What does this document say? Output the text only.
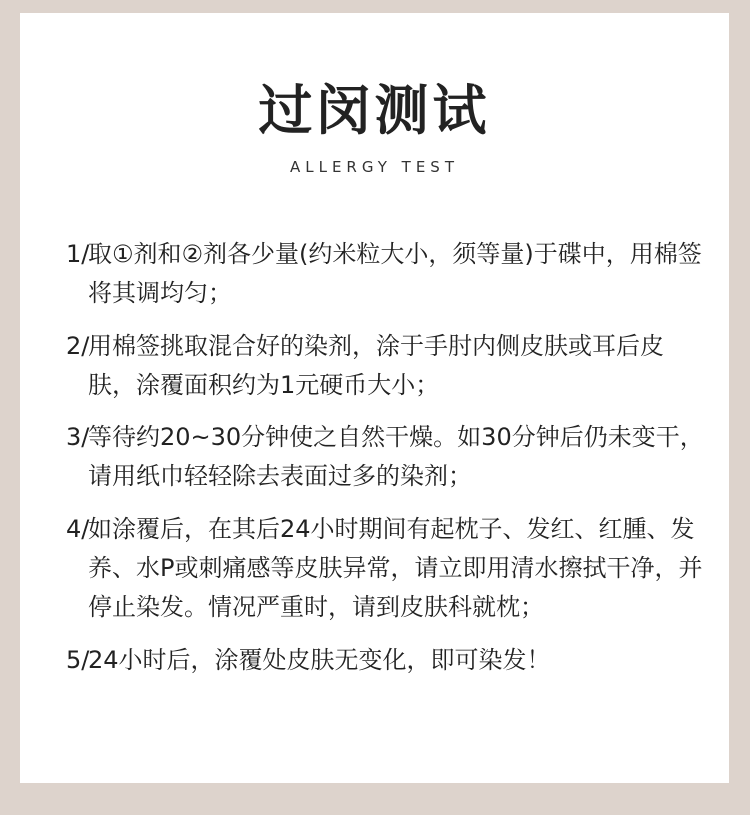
过闵测试
ALLERGY TEST
1/
取①剂和②剂各少量(约米粒大小，须等量)于碟中，用棉签将其调均匀；
2/
用棉签挑取混合好的染剂，涂于手肘内侧皮肤或耳后皮肤，涂覆面积约为1元硬币大小；
3/
等待约20~30分钟使之自然干燥。如30分钟后仍未变干，请用纸巾轻轻除去表面过多的染剂；
4/
如涂覆后，在其后24小时期间有起枕子、发红、红腫、发养、水P或刺痛感等皮肤异常，请立即用清水擦拭干净，并停止染发。情况严重时，请到皮肤科就枕；
5/
24小时后，涂覆处皮肤无变化，即可染发！
